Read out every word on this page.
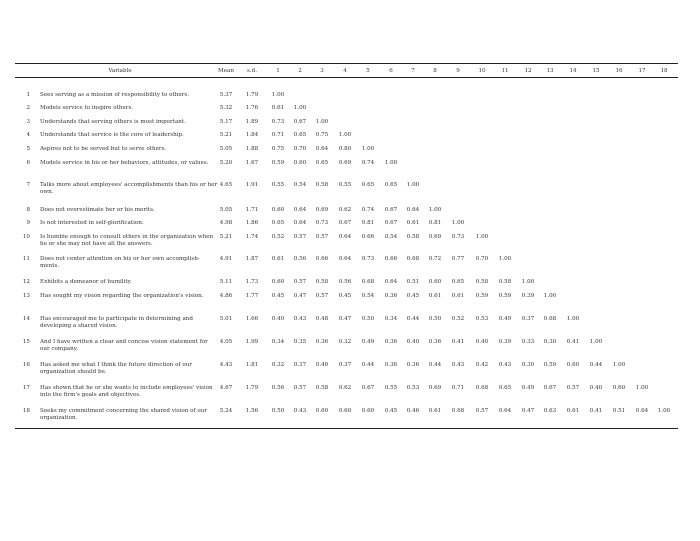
Variable	Mean	s.d.	1	2	3	4	5	6	7	8	9	10	11	12	13	14	15	16	17	18
1 Sees serving as a mission of responsibility to others.	5.37	1.79	1.00
2 Models service to inspire others.	5.32	1.76	0.61	1.00
3 Understands that serving others is most important.	5.17	1.89	0.73	0.67	1.00
4 Understands that service is the core of leadership.	5.21	1.84	0.71	0.65	0.75	1.00
5 Aspires not to be served but to serve others.	5.05	1.88	0.75	0.70	0.64	0.80	1.00
6 Models service in his or her behaviors, attitudes, or values.	5.20	1.67	0.59	0.60	0.65	0.69	0.74	1.00
7 Talks more about employees' accomplishments than his or her own.
4.65	1.91	0.55	0.54	0.58	0.55	0.65	0.65	1.00
8 Does not overestimate her or his merits.	5.05	1.71	0.60	0.64	0.69	0.62	0.74	0.67	0.64	1.00
9 Is not interested in self-glorification.	4.98	1.86	0.65	0.64	0.73	0.67	0.81	0.67	0.61	0.81	1.00
10 Is humble enough to consult others in the organization when he or she may not have all the answers.
5.21	1.74	0.52	0.57	0.57	0.64	0.66	0.54	0.58	0.69	0.73	1.00
11 Does not center attention on his or her own accomplish-ments.
4.91	1.87	0.61	0.56	0.66	0.64	0.73	0.66	0.68	0.72	0.77	0.70	1.00
12 Exhibits a demeanor of humility.	5.11	1.73	0.60	0.57	0.58	0.56	0.68	0.64	0.51	0.60	0.65	0.58	0.58	1.00
13 Has sought my vision regarding the organization's vision.	4.86	1.77	0.45	0.47	0.57	0.45	0.54	0.36	0.45	0.61	0.61	0.59	0.59	0.39	1.00
14 Has encouraged me to participate in determining and developing a shared vision.
5.01	1.66	0.40	0.43	0.48	0.47	0.50	0.34	0.44	0.50	0.52	0.53	0.49	0.37	0.68	1.00
15 And I have written a clear and concise vision statement for our company.
4.05	1.99	0.34	0.35	0.36	0.32	0.49	0.36	0.40	0.36	0.41	0.40	0.39	0.33	0.30	0.41	1.00
16 Has asked me what I think the future direction of our organization should be.
4.43	1.81	0.32	0.37	0.40	0.37	0.44	0.36	0.36	0.44	0.43	0.42	0.43	0.30	0.59	0.60	0.44	1.00
17 Has shown that he or she wants to include employees' vision into the firm's goals and objectives.
4.67	1.79	0.56	0.57	0.58	0.62	0.67	0.55	0.53	0.69	0.71	0.68	0.65	0.49	0.67	0.57	0.40	0.60	1.00
18 Seeks my commitment concerning the shared vision of our organization.
5.24	1.56	0.50	0.43	0.60	0.60	0.60	0.45	0.46	0.61	0.68	0.57	0.64	0.47	0.63	0.61	0.41	0.51	0.64	1.00
